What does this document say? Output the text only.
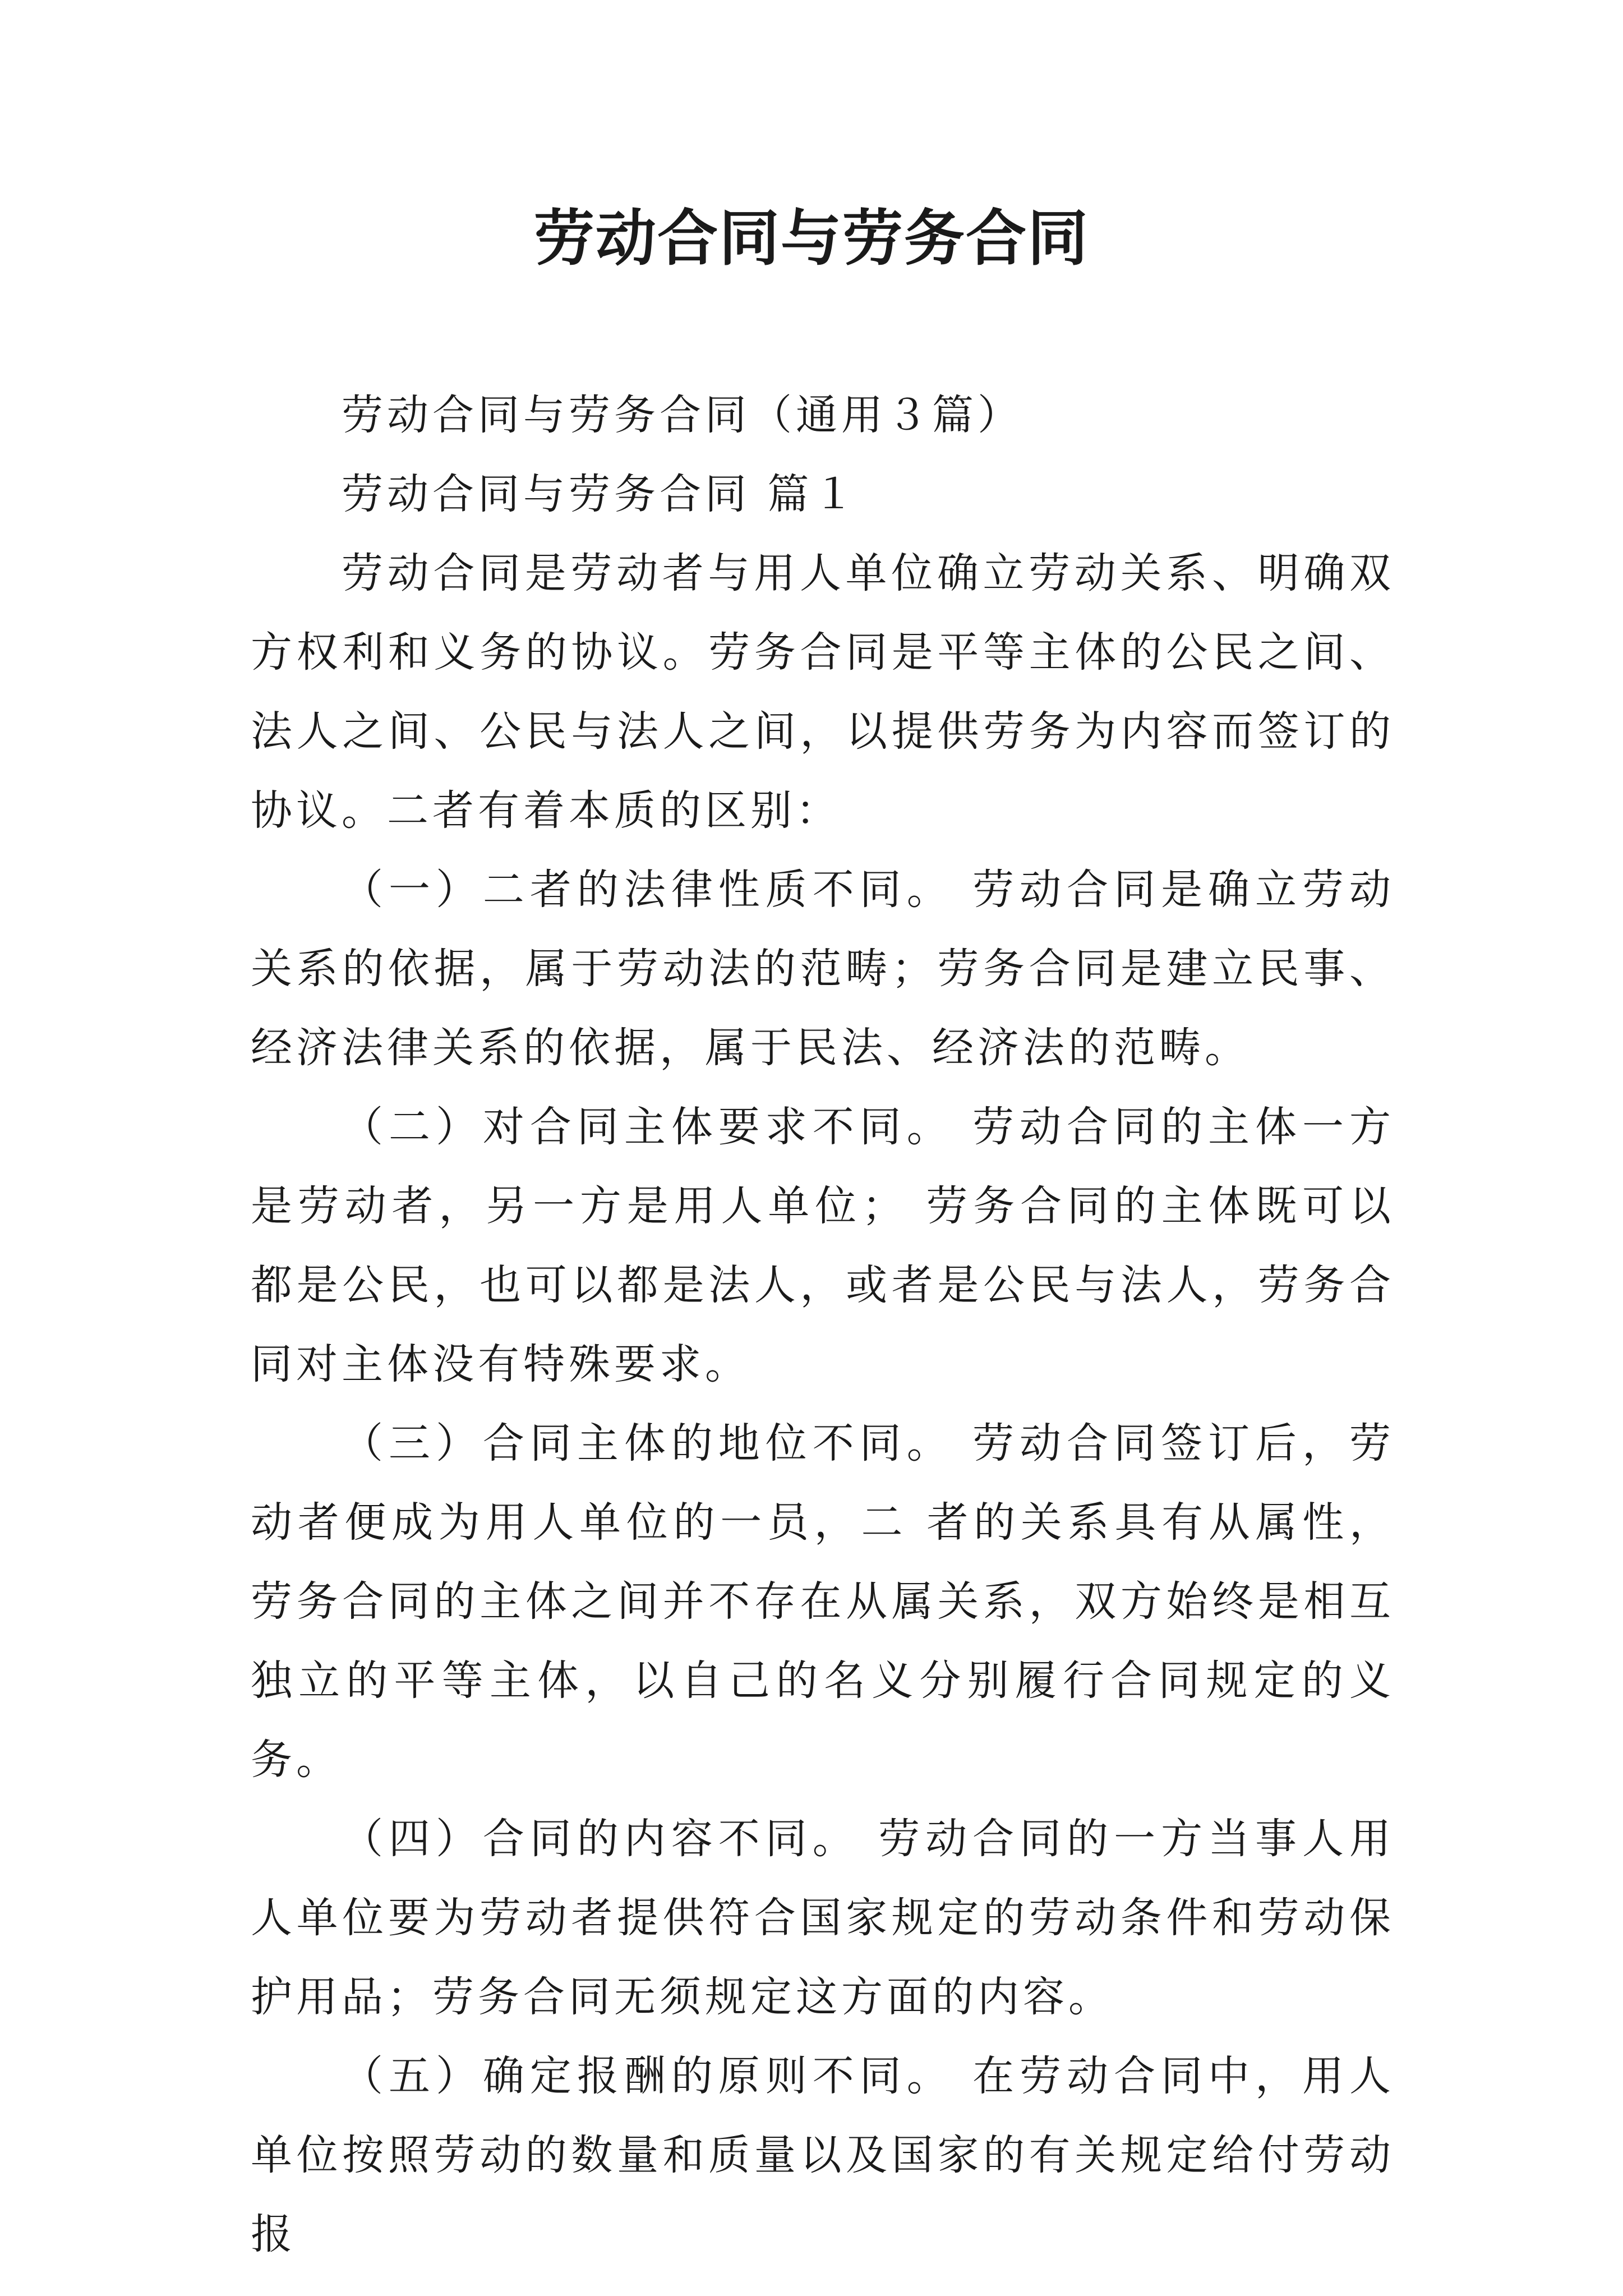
劳动合同与劳务合同

劳动合同与劳务合同（通用３篇）

劳动合同与劳务合同 篇１

劳动合同是劳动者与用人单位确立劳动关系、明确双方权利和义务的协议。劳务合同是平等主体的公民之间、法人之间、公民与法人之间，以提供劳务为内容而签订的协议。二者有着本质的区别：

（一）二者的法律性质不同。 劳动合同是确立劳动关系的依据，属于劳动法的范畴；劳务合同是建立民事、经济法律关系的依据，属于民法、经济法的范畴。

（二）对合同主体要求不同。 劳动合同的主体一方是劳动者，另一方是用人单位； 劳务合同的主体既可以都是公民，也可以都是法人，或者是公民与法人，劳务合同对主体没有特殊要求。

（三）合同主体的地位不同。 劳动合同签订后，劳动者便成为用人单位的一员，二 者的关系具有从属性，劳务合同的主体之间并不存在从属关系，双方始终是相互独立的平等主体，以自己的名义分别履行合同规定的义务。

（四）合同的内容不同。 劳动合同的一方当事人用人单位要为劳动者提供符合国家规定的劳动条件和劳动保护用品；劳务合同无须规定这方面的内容。

（五）确定报酬的原则不同。 在劳动合同中，用人单位按照劳动的数量和质量以及国家的有关规定给付劳动报
